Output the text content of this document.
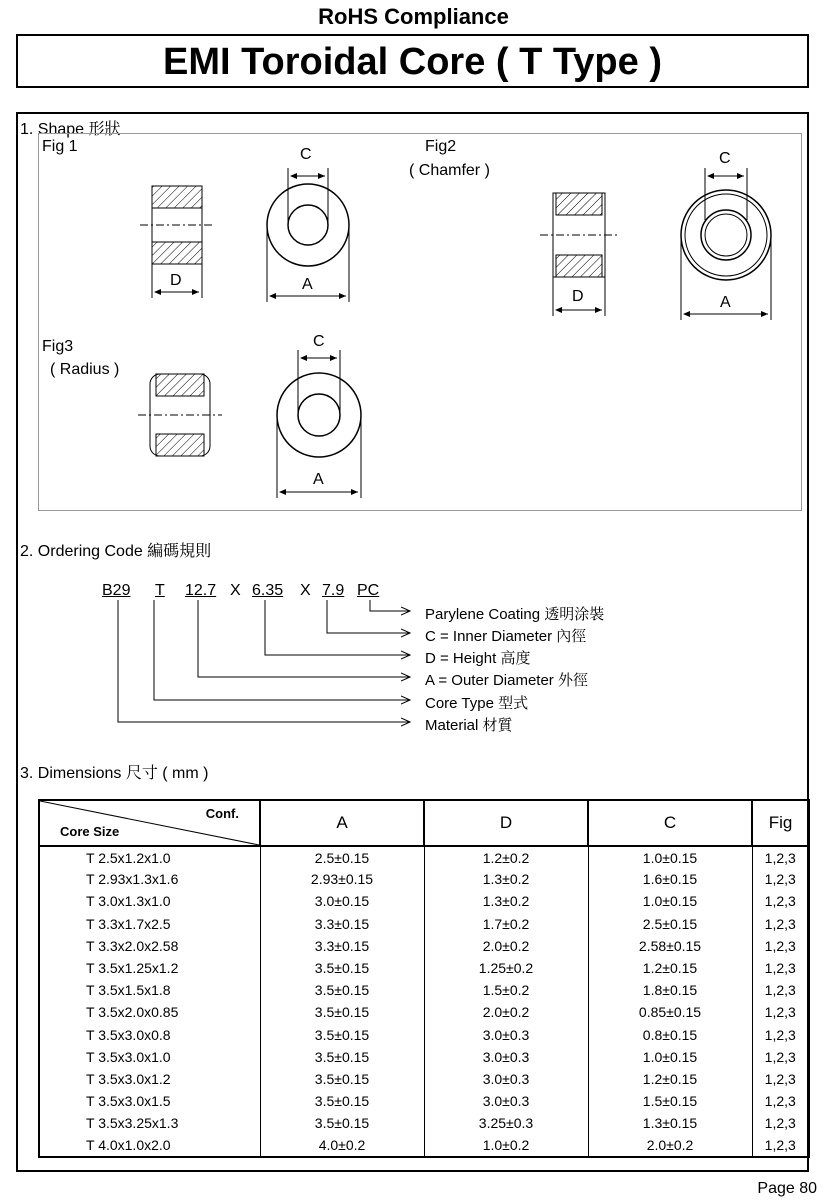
RoHS Compliance
EMI Toroidal Core ( T Type )
1. Shape 形狀
Fig 1	Fig2
( Chamfer )
Fig3
( Radius )
C
D	A
C
D	A
C
A
2. Ordering Code 編碼規則
B29 T 12.7 X 6.35 X 7.9 PC
Parylene Coating 透明涂裝
C = Inner Diameter 內徑
D = Height 高度
A = Outer Diameter 外徑
Core Type 型式
Material 材質
3. Dimensions 尺寸 ( mm )
Conf.
Core Size	A	D	C	Fig
T 2.5x1.2x1.0	2.5±0.15	1.2±0.2	1.0±0.15	1,2,3
T 2.93x1.3x1.6	2.93±0.15	1.3±0.2	1.6±0.15	1,2,3
T 3.0x1.3x1.0	3.0±0.15	1.3±0.2	1.0±0.15	1,2,3
T 3.3x1.7x2.5	3.3±0.15	1.7±0.2	2.5±0.15	1,2,3
T 3.3x2.0x2.58	3.3±0.15	2.0±0.2	2.58±0.15	1,2,3
T 3.5x1.25x1.2	3.5±0.15	1.25±0.2	1.2±0.15	1,2,3
T 3.5x1.5x1.8	3.5±0.15	1.5±0.2	1.8±0.15	1,2,3
T 3.5x2.0x0.85	3.5±0.15	2.0±0.2	0.85±0.15	1,2,3
T 3.5x3.0x0.8	3.5±0.15	3.0±0.3	0.8±0.15	1,2,3
T 3.5x3.0x1.0	3.5±0.15	3.0±0.3	1.0±0.15	1,2,3
T 3.5x3.0x1.2	3.5±0.15	3.0±0.3	1.2±0.15	1,2,3
T 3.5x3.0x1.5	3.5±0.15	3.0±0.3	1.5±0.15	1,2,3
T 3.5x3.25x1.3	3.5±0.15	3.25±0.3	1.3±0.15	1,2,3
T 4.0x1.0x2.0	4.0±0.2	1.0±0.2	2.0±0.2	1,2,3
Page 80
